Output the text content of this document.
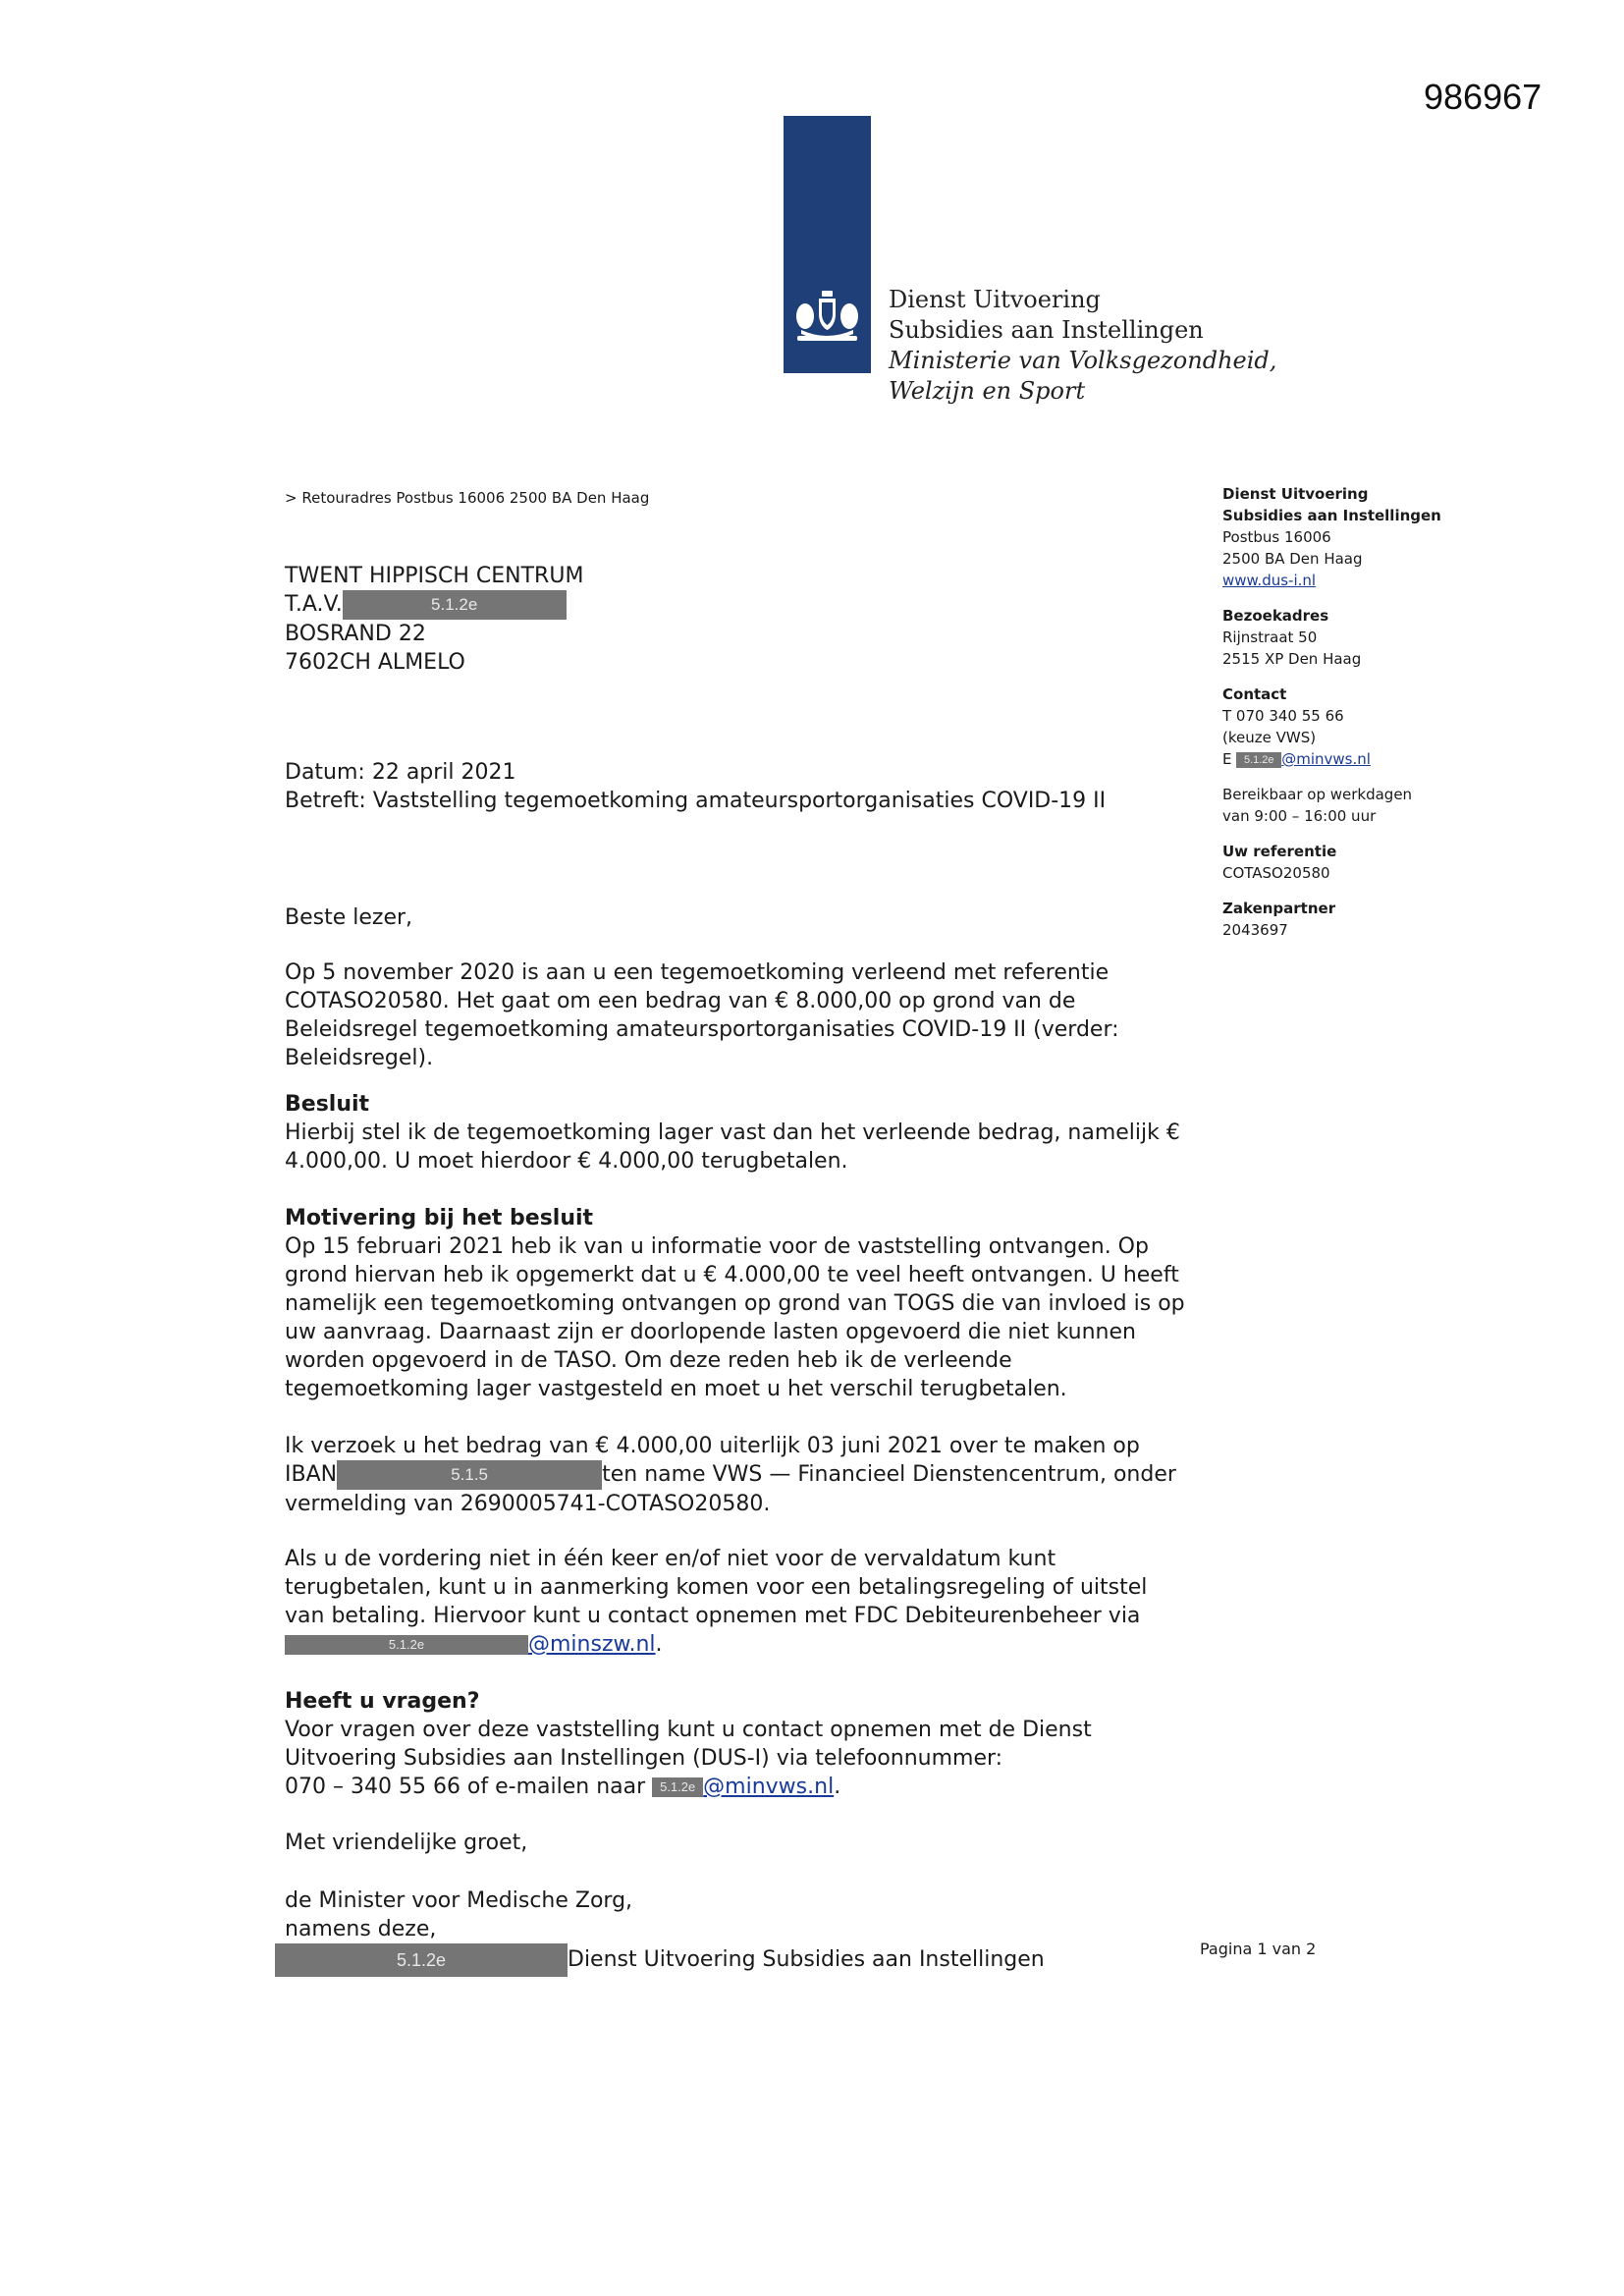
986967
Dienst Uitvoering
Subsidies aan Instellingen
Ministerie van Volksgezondheid,
Welzijn en Sport
> Retouradres Postbus 16006 2500 BA Den Haag
TWENT HIPPISCH CENTRUM
T.A.V.	5.1.2e
BOSRAND 22
7602CH ALMELO

Datum: 22 april 2021

Betreft: Vaststelling tegemoetkoming amateursportorganisaties COVID-19 II

Beste lezer,
Op 5 november 2020 is aan u een tegemoetkoming verleend met referentie COTASO20580. Het gaat om een bedrag van € 8.000,00 op grond van de Beleidsregel tegemoetkoming amateursportorganisaties COVID-19 II (verder: Beleidsregel).

Besluit

Hierbij stel ik de tegemoetkoming lager vast dan het verleende bedrag, namelijk € 4.000,00. U moet hierdoor € 4.000,00 terugbetalen.

Motivering bij het besluit

Op 15 februari 2021 heb ik van u informatie voor de vaststelling ontvangen. Op grond hiervan heb ik opgemerkt dat u € 4.000,00 te veel heeft ontvangen. U heeft namelijk een tegemoetkoming ontvangen op grond van TOGS die van invloed is op uw aanvraag. Daarnaast zijn er doorlopende lasten opgevoerd die niet kunnen worden opgevoerd in de TASO. Om deze reden heb ik de verleende tegemoetkoming lager vastgesteld en moet u het verschil terugbetalen.

Ik verzoek u het bedrag van € 4.000,00 uiterlijk 03 juni 2021 over te maken op

IBAN	5.1.5	ten name VWS — Financieel Dienstencentrum, onder

vermelding van 2690005741-COTASO20580.

Als u de vordering niet in één keer en/of niet voor de vervaldatum kunt terugbetalen, kunt u in aanmerking komen voor een betalingsregeling of uitstel van betaling. Hiervoor kunt u contact opnemen met FDC Debiteurenbeheer via

5.1.2e	@minszw.nl.

Heeft u vragen?

Voor vragen over deze vaststelling kunt u contact opnemen met de Dienst Uitvoering Subsidies aan Instellingen (DUS-I) via telefoonnummer:

070 – 340 55 66 of e-mailen naar 5.1.2e @minvws.nl.

Met vriendelijke groet,

de Minister voor Medische Zorg,

namens deze,

5.1.2e	Dienst Uitvoering Subsidies aan Instellingen
Dienst Uitvoering
Subsidies aan Instellingen
Postbus 16006
2500 BA Den Haag
www.dus-i.nl
Bezoekadres
Rijnstraat 50
2515 XP Den Haag
Contact
T 070 340 55 66
(keuze VWS)
E 5.1.2e @minvws.nl
Bereikbaar op werkdagen
van 9:00 – 16:00 uur
Uw referentie
COTASO20580
Zakenpartner
2043697
Pagina 1 van 2
